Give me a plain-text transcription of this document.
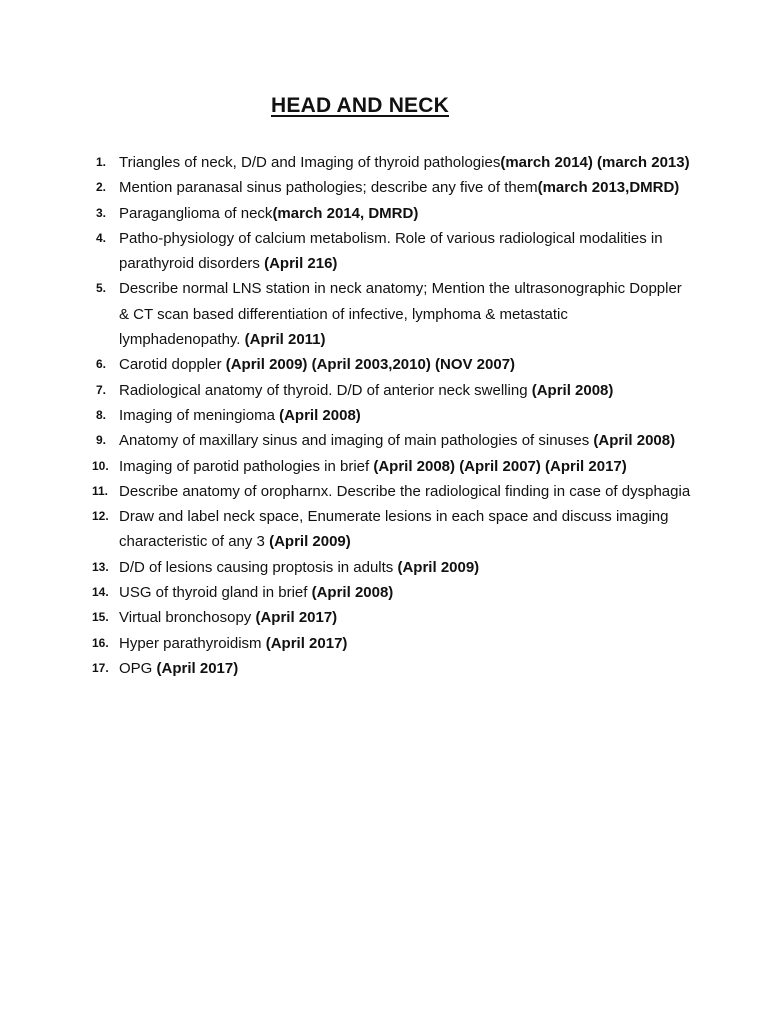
HEAD AND NECK
1. Triangles of neck, D/D and Imaging of thyroid pathologies(march 2014) (march 2013)
2. Mention paranasal sinus pathologies; describe any five of them(march 2013,DMRD)
3. Paraganglioma of neck(march 2014, DMRD)
4. Patho-physiology of calcium metabolism. Role of various radiological modalities in parathyroid disorders (April 216)
5. Describe normal LNS station in neck anatomy; Mention the ultrasonographic Doppler & CT scan based differentiation of infective, lymphoma & metastatic lymphadenopathy. (April 2011)
6. Carotid doppler (April 2009) (April 2003,2010) (NOV 2007)
7. Radiological anatomy of thyroid. D/D of anterior neck swelling (April 2008)
8. Imaging of meningioma (April 2008)
9. Anatomy of maxillary sinus and imaging of main pathologies of sinuses (April 2008)
10. Imaging of parotid pathologies in brief (April 2008) (April 2007) (April 2017)
11. Describe anatomy of oropharnx. Describe the radiological finding in case of dysphagia
12. Draw and label neck space, Enumerate lesions in each space and discuss imaging characteristic of any 3 (April 2009)
13. D/D of lesions causing proptosis in adults (April 2009)
14. USG of thyroid gland in brief (April 2008)
15. Virtual bronchosopy (April 2017)
16. Hyper parathyroidism (April 2017)
17. OPG (April 2017)
